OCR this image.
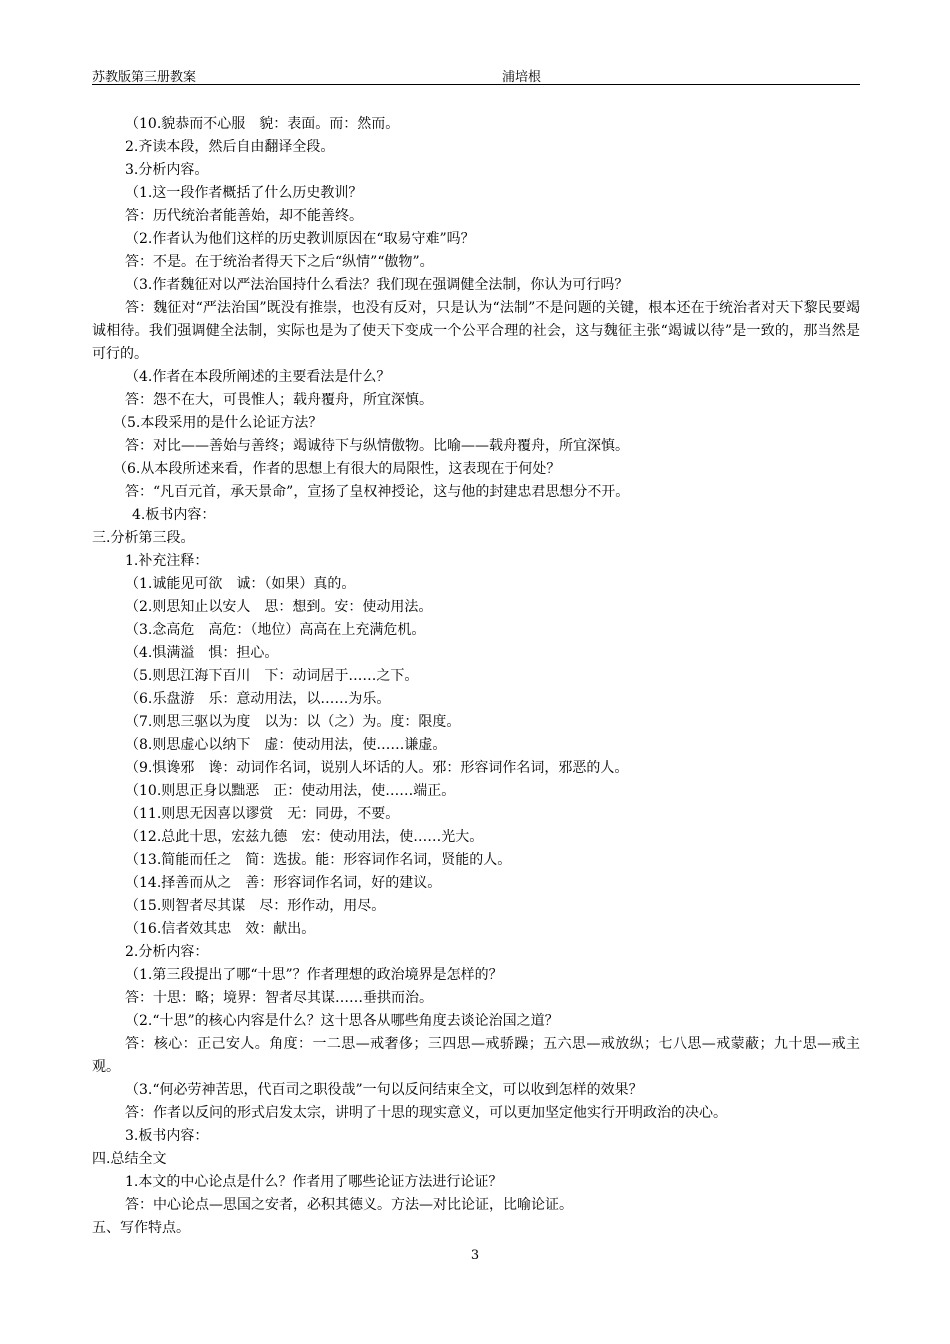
苏教版第三册教案	浦培根
（10.貌恭而不心服　貌：表面。而：然而。
2.齐读本段，然后自由翻译全段。
3.分析内容。
（1.这一段作者概括了什么历史教训？
答：历代统治者能善始，却不能善终。
（2.作者认为他们这样的历史教训原因在“取易守难”吗？
答：不是。在于统治者得天下之后“纵情”“傲物”。
（3.作者魏征对以严法治国持什么看法？我们现在强调健全法制，你认为可行吗？
答：魏征对“严法治国”既没有推崇，也没有反对，只是认为“法制”不是问题的关键，根本还在于统治者对天下黎民要竭诚相待。我们强调健全法制，实际也是为了使天下变成一个公平合理的社会，这与魏征主张“竭诚以待”是一致的，那当然是可行的。
（4.作者在本段所阐述的主要看法是什么？
答：怨不在大，可畏惟人；载舟覆舟，所宜深慎。
（5.本段采用的是什么论证方法？
答：对比——善始与善终；竭诚待下与纵情傲物。比喻——载舟覆舟，所宜深慎。
（6.从本段所述来看，作者的思想上有很大的局限性，这表现在于何处？
答：“凡百元首，承天景命”，宣扬了皇权神授论，这与他的封建忠君思想分不开。
4.板书内容：
三.分析第三段。
1.补充注释：
（1.诚能见可欲　诚：（如果）真的。
（2.则思知止以安人　思：想到。安：使动用法。
（3.念高危　高危：（地位）高高在上充满危机。
（4.惧满溢　惧：担心。
（5.则思江海下百川　下：动词居于……之下。
（6.乐盘游　乐：意动用法，以……为乐。
（7.则思三驱以为度　以为：以（之）为。度：限度。
（8.则思虚心以纳下　虚：使动用法，使……谦虚。
（9.惧谗邪　谗：动词作名词，说别人坏话的人。邪：形容词作名词，邪恶的人。
（10.则思正身以黜恶　正：使动用法，使……端正。
（11.则思无因喜以谬赏　无：同毋，不要。
（12.总此十思，宏兹九德　宏：使动用法，使……光大。
（13.简能而任之　简：选拔。能：形容词作名词，贤能的人。
（14.择善而从之　善：形容词作名词，好的建议。
（15.则智者尽其谋　尽：形作动，用尽。
（16.信者效其忠　效：献出。
2.分析内容：
（1.第三段提出了哪“十思”？作者理想的政治境界是怎样的？
答：十思：略；境界：智者尽其谋……垂拱而治。
（2.“十思”的核心内容是什么？这十思各从哪些角度去谈论治国之道？
答：核心：正己安人。角度：一二思—戒奢侈；三四思—戒骄躁；五六思—戒放纵；七八思—戒蒙蔽；九十思—戒主观。
（3.“何必劳神苦思，代百司之职役哉”一句以反问结束全文，可以收到怎样的效果？
答：作者以反问的形式启发太宗，讲明了十思的现实意义，可以更加坚定他实行开明政治的决心。
3.板书内容：
四.总结全文
1.本文的中心论点是什么？作者用了哪些论证方法进行论证？
答：中心论点—思国之安者，必积其德义。方法—对比论证，比喻论证。
五、写作特点。
3
